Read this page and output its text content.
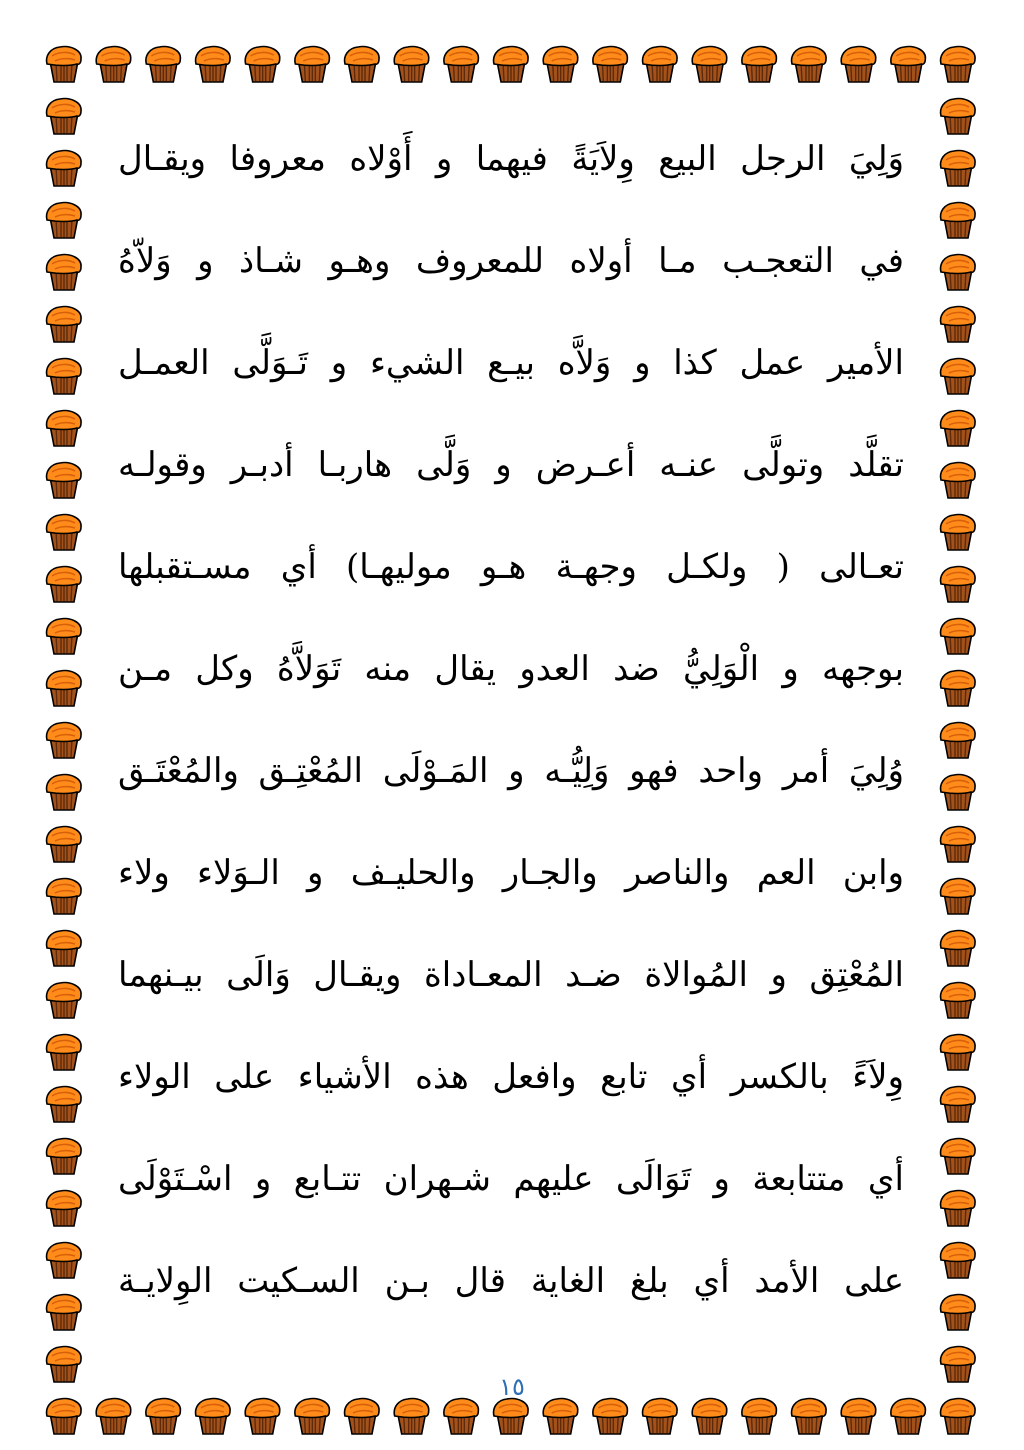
وَلِيَ الرجل البيع وِلاَيَةً فيهما و أَوْلاه معروفا ويقـال
في التعجـب مـا أولاه للمعروف وهـو شـاذ و وَلاّهُ
الأمير عمل كذا و وَلاَّه بيـع الشيء و تَـوَلَّى العمـل
تقلَّد وتولَّى عنـه أعـرض و وَلَّى هاربـا أدبـر وقولـه
تعـالى ( ولكـل وجهـة هـو موليهـا) أي مسـتقبلها
بوجهه و الْوَلِيُّ ضد العدو يقال منه تَوَلاَّهُ وكل مـن
وُلِيَ أمر واحد فهو وَلِيُّـه و المَـوْلَى المُعْتِـق والمُعْتَـق
وابن العم والناصر والجـار والحليـف و الـوَلاء ولاء
المُعْتِق و المُوالاة ضـد المعـاداة ويقـال وَالَى بيـنهما
وِلاَءً بالكسر أي تابع وافعل هذه الأشياء على الولاء
أي متتابعة و تَوَالَى عليهم شـهران تتـابع و اسْـتَوْلَى
على الأمد أي بلغ الغاية قال بـن السـكيت الوِلايـة
١٥
